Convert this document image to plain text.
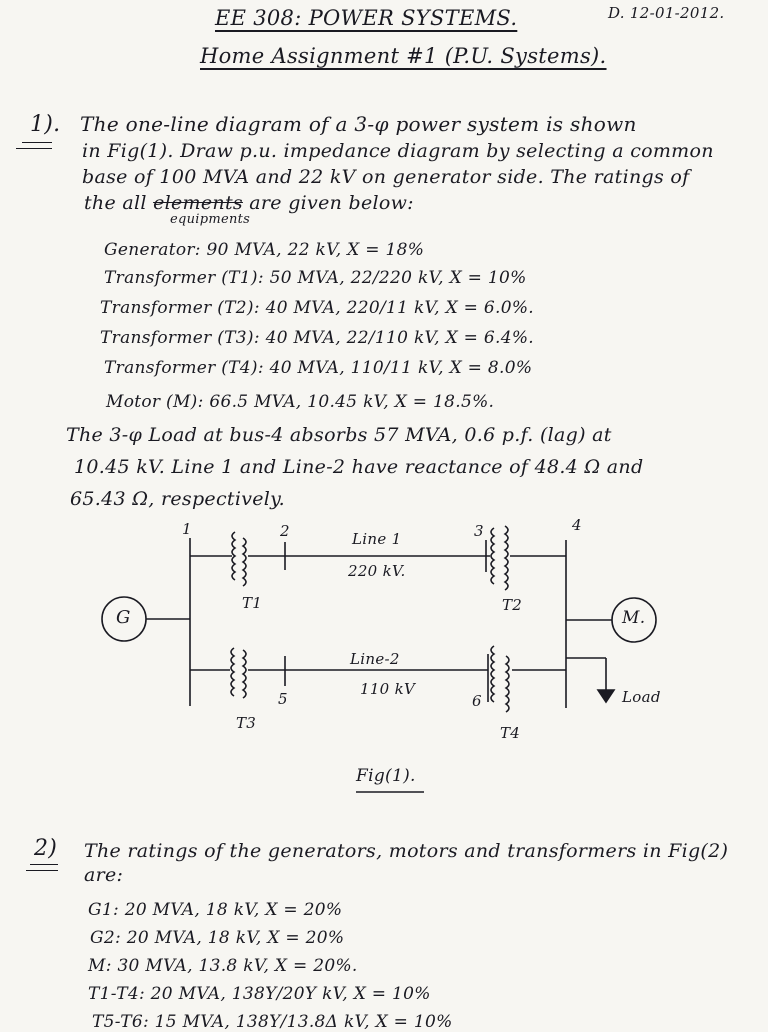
EE 308: POWER SYSTEMS.	D. 12-01-2012.
Home Assignment #1 (P.U. Systems).
1). The one-line diagram of a 3-φ power system is shown
in Fig(1). Draw p.u. impedance diagram by selecting a common
base of 100 MVA and 22 kV on generator side. The ratings of
the all elements are given below:
equipments
Generator: 90 MVA, 22 kV, X = 18%
Transformer (T1): 50 MVA, 22/220 kV, X = 10%
Transformer (T2): 40 MVA, 220/11 kV, X = 6.0%.
Transformer (T3): 40 MVA, 22/110 kV, X = 6.4%.
Transformer (T4): 40 MVA, 110/11 kV, X = 8.0%
Motor (M): 66.5 MVA, 10.45 kV, X = 18.5%.
The 3-φ Load at bus-4 absorbs 57 MVA, 0.6 p.f. (lag) at
10.45 kV. Line 1 and Line-2 have reactance of 48.4 Ω and
65.43 Ω, respectively.
1	2	3	4
5	6
Line 1
220 kV.
Line-2
110 kV
T1	T2
T3
T4
G	M.
Load
Fig(1).
2) The ratings of the generators, motors and transformers in Fig(2)
are:
G1: 20 MVA, 18 kV, X = 20%
G2: 20 MVA, 18 kV, X = 20%
M: 30 MVA, 13.8 kV, X = 20%.
T1-T4: 20 MVA, 138Y/20Y kV, X = 10%
T5-T6: 15 MVA, 138Y/13.8Δ kV, X = 10%
